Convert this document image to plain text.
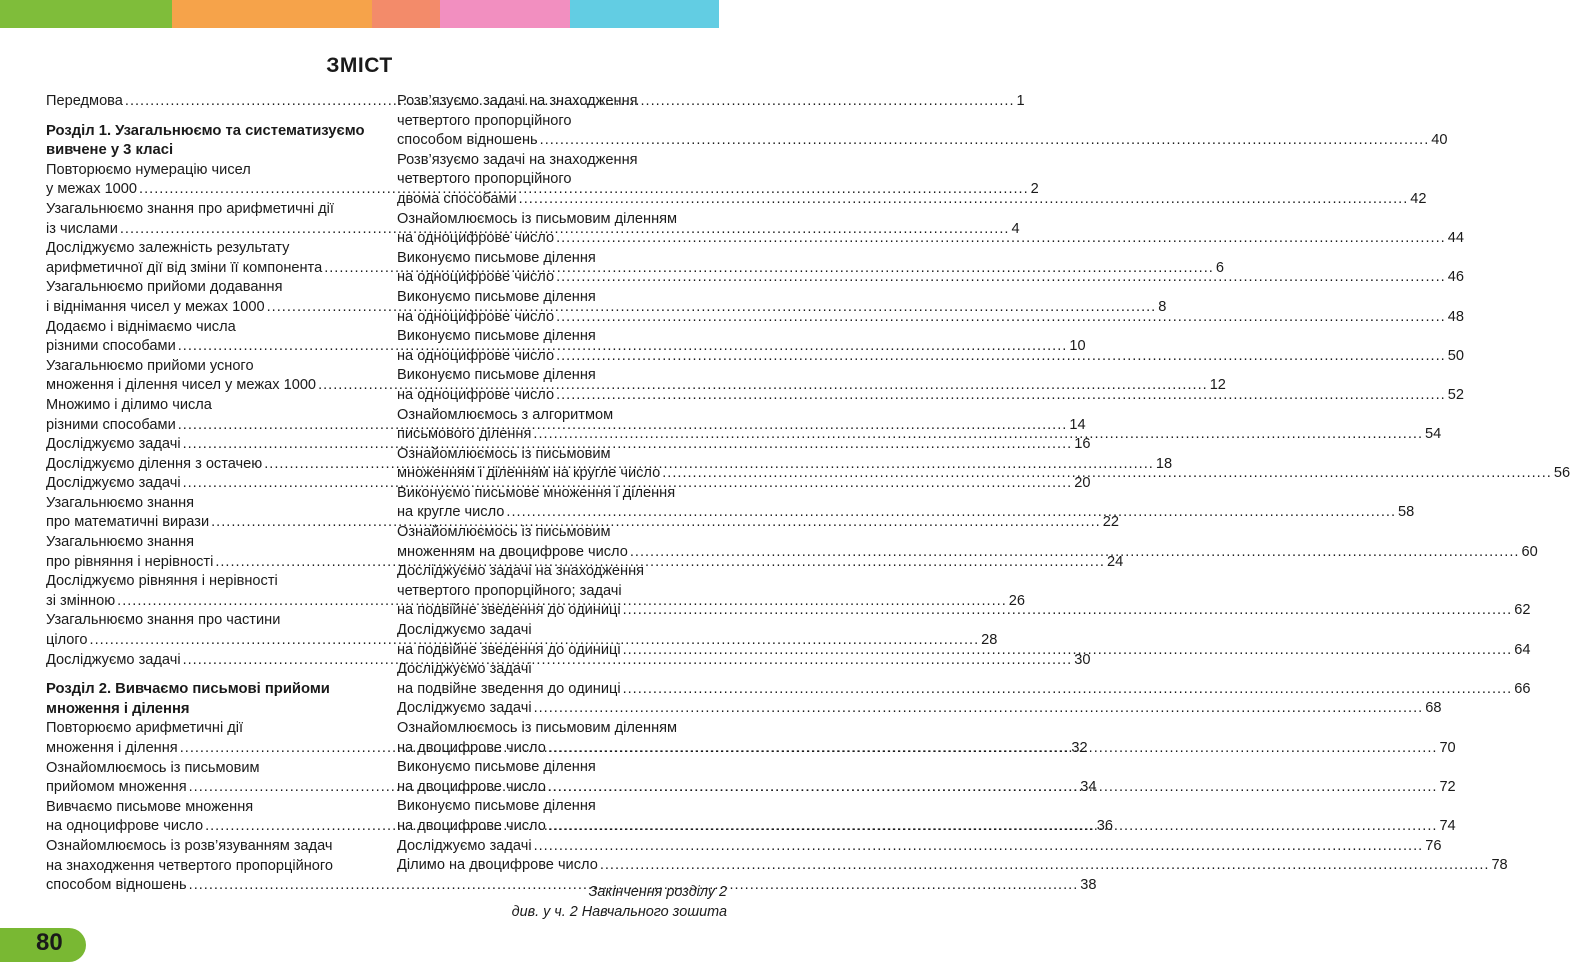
ЗМІСТ
Передмова .....	1
Розділ 1. Узагальнюємо та систематизуємо
вивчене у 3 класі
Повторюємо нумерацію чисел
у межах 1000 .....	2
Узагальнюємо знання про арифметичні дії
із числами .....	4
Досліджуємо залежність результату
арифметичної дії від зміни її компонента .....	6
Узагальнюємо прийоми додавання
і віднімання чисел у межах 1000 .....	8
Додаємо і віднімаємо числа
різними способами .....	10
Узагальнюємо прийоми усного
множення і ділення чисел у межах 1000 .....	12
Множимо і ділимо числа
різними способами .....	14
Досліджуємо задачі .....	16
Досліджуємо ділення з остачею .....	18
Досліджуємо задачі .....	20
Узагальнюємо знання
про математичні вирази .....	22
Узагальнюємо знання
про рівняння і нерівності .....	24
Досліджуємо рівняння і нерівності
зі змінною .....	26
Узагальнюємо знання про частини
цілого .....	28
Досліджуємо задачі .....	30
Розділ 2. Вивчаємо письмові прийоми
множення і ділення
Повторюємо арифметичні дії
множення і ділення .....	32
Ознайомлюємось із письмовим
прийомом множення .....	34
Вивчаємо письмове множення
на одноцифрове число .....	36
Ознайомлюємось із розв’язуванням задач
на знаходження четвертого пропорційного
способом відношень .....	38
Розв’язуємо задачі на знаходження
четвертого пропорційного
способом відношень .....	40
Розв’язуємо задачі на знаходження
четвертого пропорційного
двома способами .....	42
Ознайомлюємось із письмовим діленням
на одноцифрове число .....	44
Виконуємо письмове ділення
на одноцифрове число .....	46
Виконуємо письмове ділення
на одноцифрове число .....	48
Виконуємо письмове ділення
на одноцифрове число .....	50
Виконуємо письмове ділення
на одноцифрове число .....	52
Ознайомлюємось з алгоритмом
письмового ділення .....	54
Ознайомлюємось із письмовим
множенням і діленням на кругле число .....	56
Виконуємо письмове множення і ділення
на кругле число .....	58
Ознайомлюємось із письмовим
множенням на двоцифрове число .....	60
Досліджуємо задачі на знаходження
четвертого пропорційного; задачі
на подвійне зведення до одиниці .....	62
Досліджуємо задачі
на подвійне зведення до одиниці .....	64
Досліджуємо задачі
на подвійне зведення до одиниці .....	66
Досліджуємо задачі .....	68
Ознайомлюємось із письмовим діленням
на двоцифрове число .....	70
Виконуємо письмове ділення
на двоцифрове число .....	72
Виконуємо письмове ділення
на двоцифрове число .....	74
Досліджуємо задачі .....	76
Ділимо на двоцифрове число .....	78
Закінчення розділу 2
див. у ч. 2 Навчального зошита
80
